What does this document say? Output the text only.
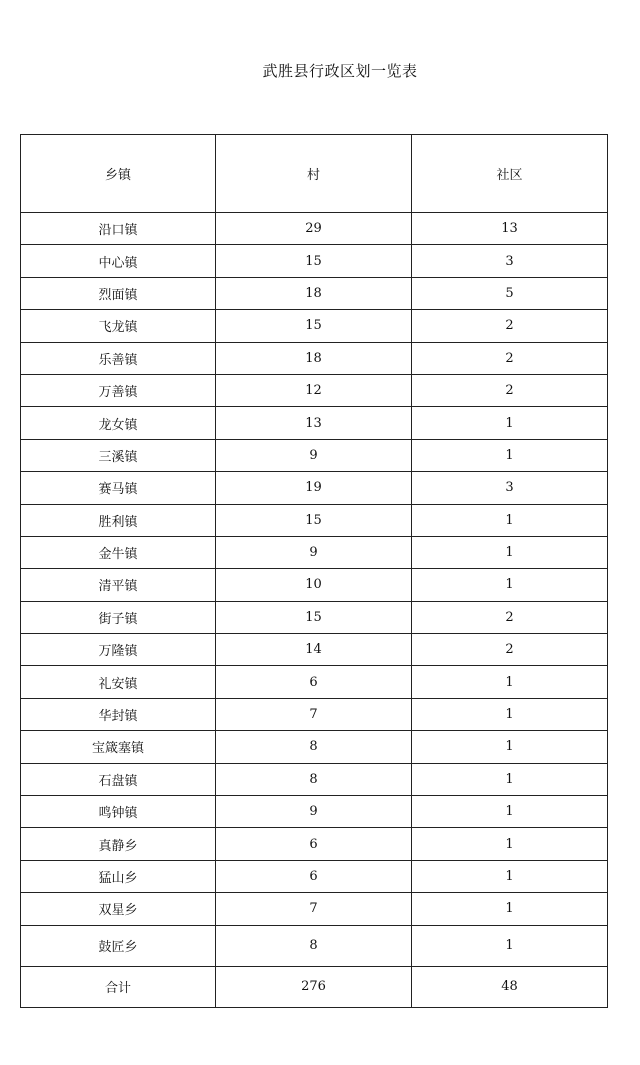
武胜县行政区划一览表
乡镇	村	社区
沿口镇	29	13
中心镇	15	3
烈面镇	18	5
飞龙镇	15	2
乐善镇	18	2
万善镇	12	2
龙女镇	13	1
三溪镇	9	1
赛马镇	19	3
胜利镇	15	1
金牛镇	9	1
清平镇	10	1
街子镇	15	2
万隆镇	14	2
礼安镇	6	1
华封镇	7	1
宝箴塞镇	8	1
石盘镇	8	1
鸣钟镇	9	1
真静乡	6	1
猛山乡	6	1
双星乡	7	1
鼓匠乡	8	1
合计	276	48
